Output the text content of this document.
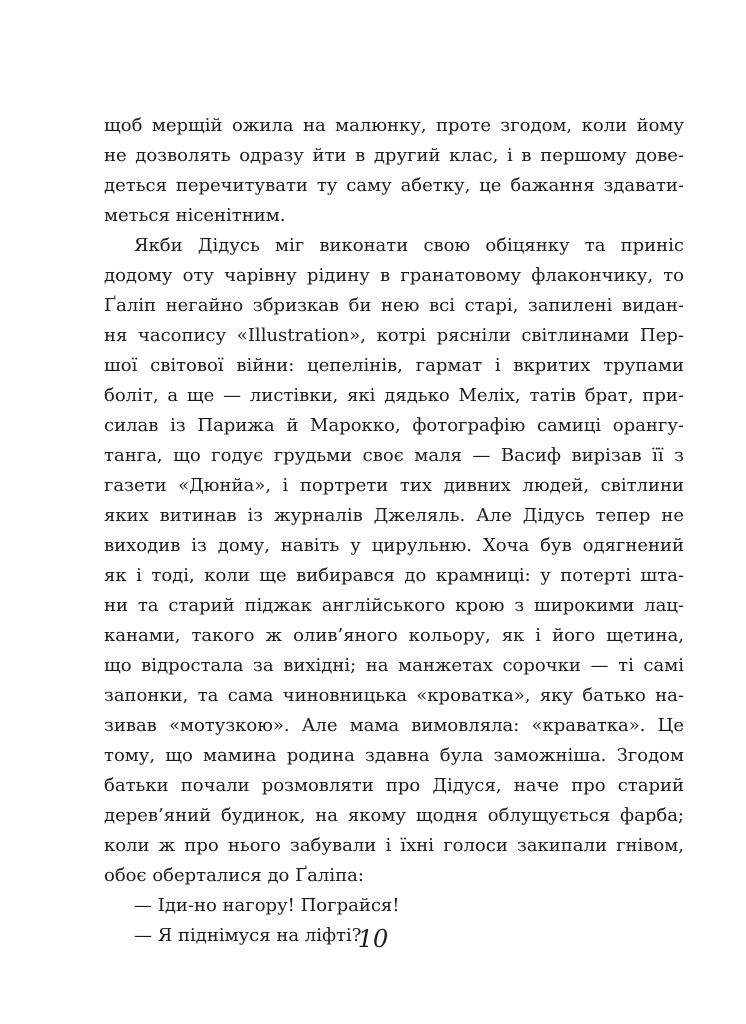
щоб мерщій ожила на малюнку, проте згодом, коли йому
не дозволять одразу йти в другий клас, і в першому дове-
деться перечитувати ту саму абетку, це бажання здавати-
меться нісенітним.
Якби Дідусь міг виконати свою обіцянку та приніс
додому оту чарівну рідину в гранатовому флакончику, то
Ґаліп негайно збризкав би нею всі старі, запилені видан-
ня часопису «Illustration», котрі рясніли світлинами Пер-
шої світової війни: цепелінів, гармат і вкритих трупами
боліт, а ще — листівки, які дядько Меліх, татів брат, при-
силав із Парижа й Марокко, фотографію самиці орангу-
танга, що годує грудьми своє маля — Васиф вирізав її з
газети «Дюнйа», і портрети тих дивних людей, світлини
яких витинав із журналів Джеляль. Але Дідусь тепер не
виходив із дому, навіть у цирульню. Хоча був одягнений
як і тоді, коли ще вибирався до крамниці: у потерті шта-
ни та старий піджак англійського крою з широкими лац-
канами, такого ж олив’яного кольору, як і його щетина,
що відростала за вихідні; на манжетах сорочки — ті самі
запонки, та сама чиновницька «кроватка», яку батько на-
зивав «мотузкою». Але мама вимовляла: «краватка». Це
тому, що мамина родина здавна була заможніша. Згодом
батьки почали розмовляти про Дідуся, наче про старий
дерев’яний будинок, на якому щодня облущується фарба;
коли ж про нього забували і їхні голоси закипали гнівом,
обоє оберталися до Ґаліпа:
— Іди-но нагору! Пограйся!
— Я піднімуся на ліфті?
10
